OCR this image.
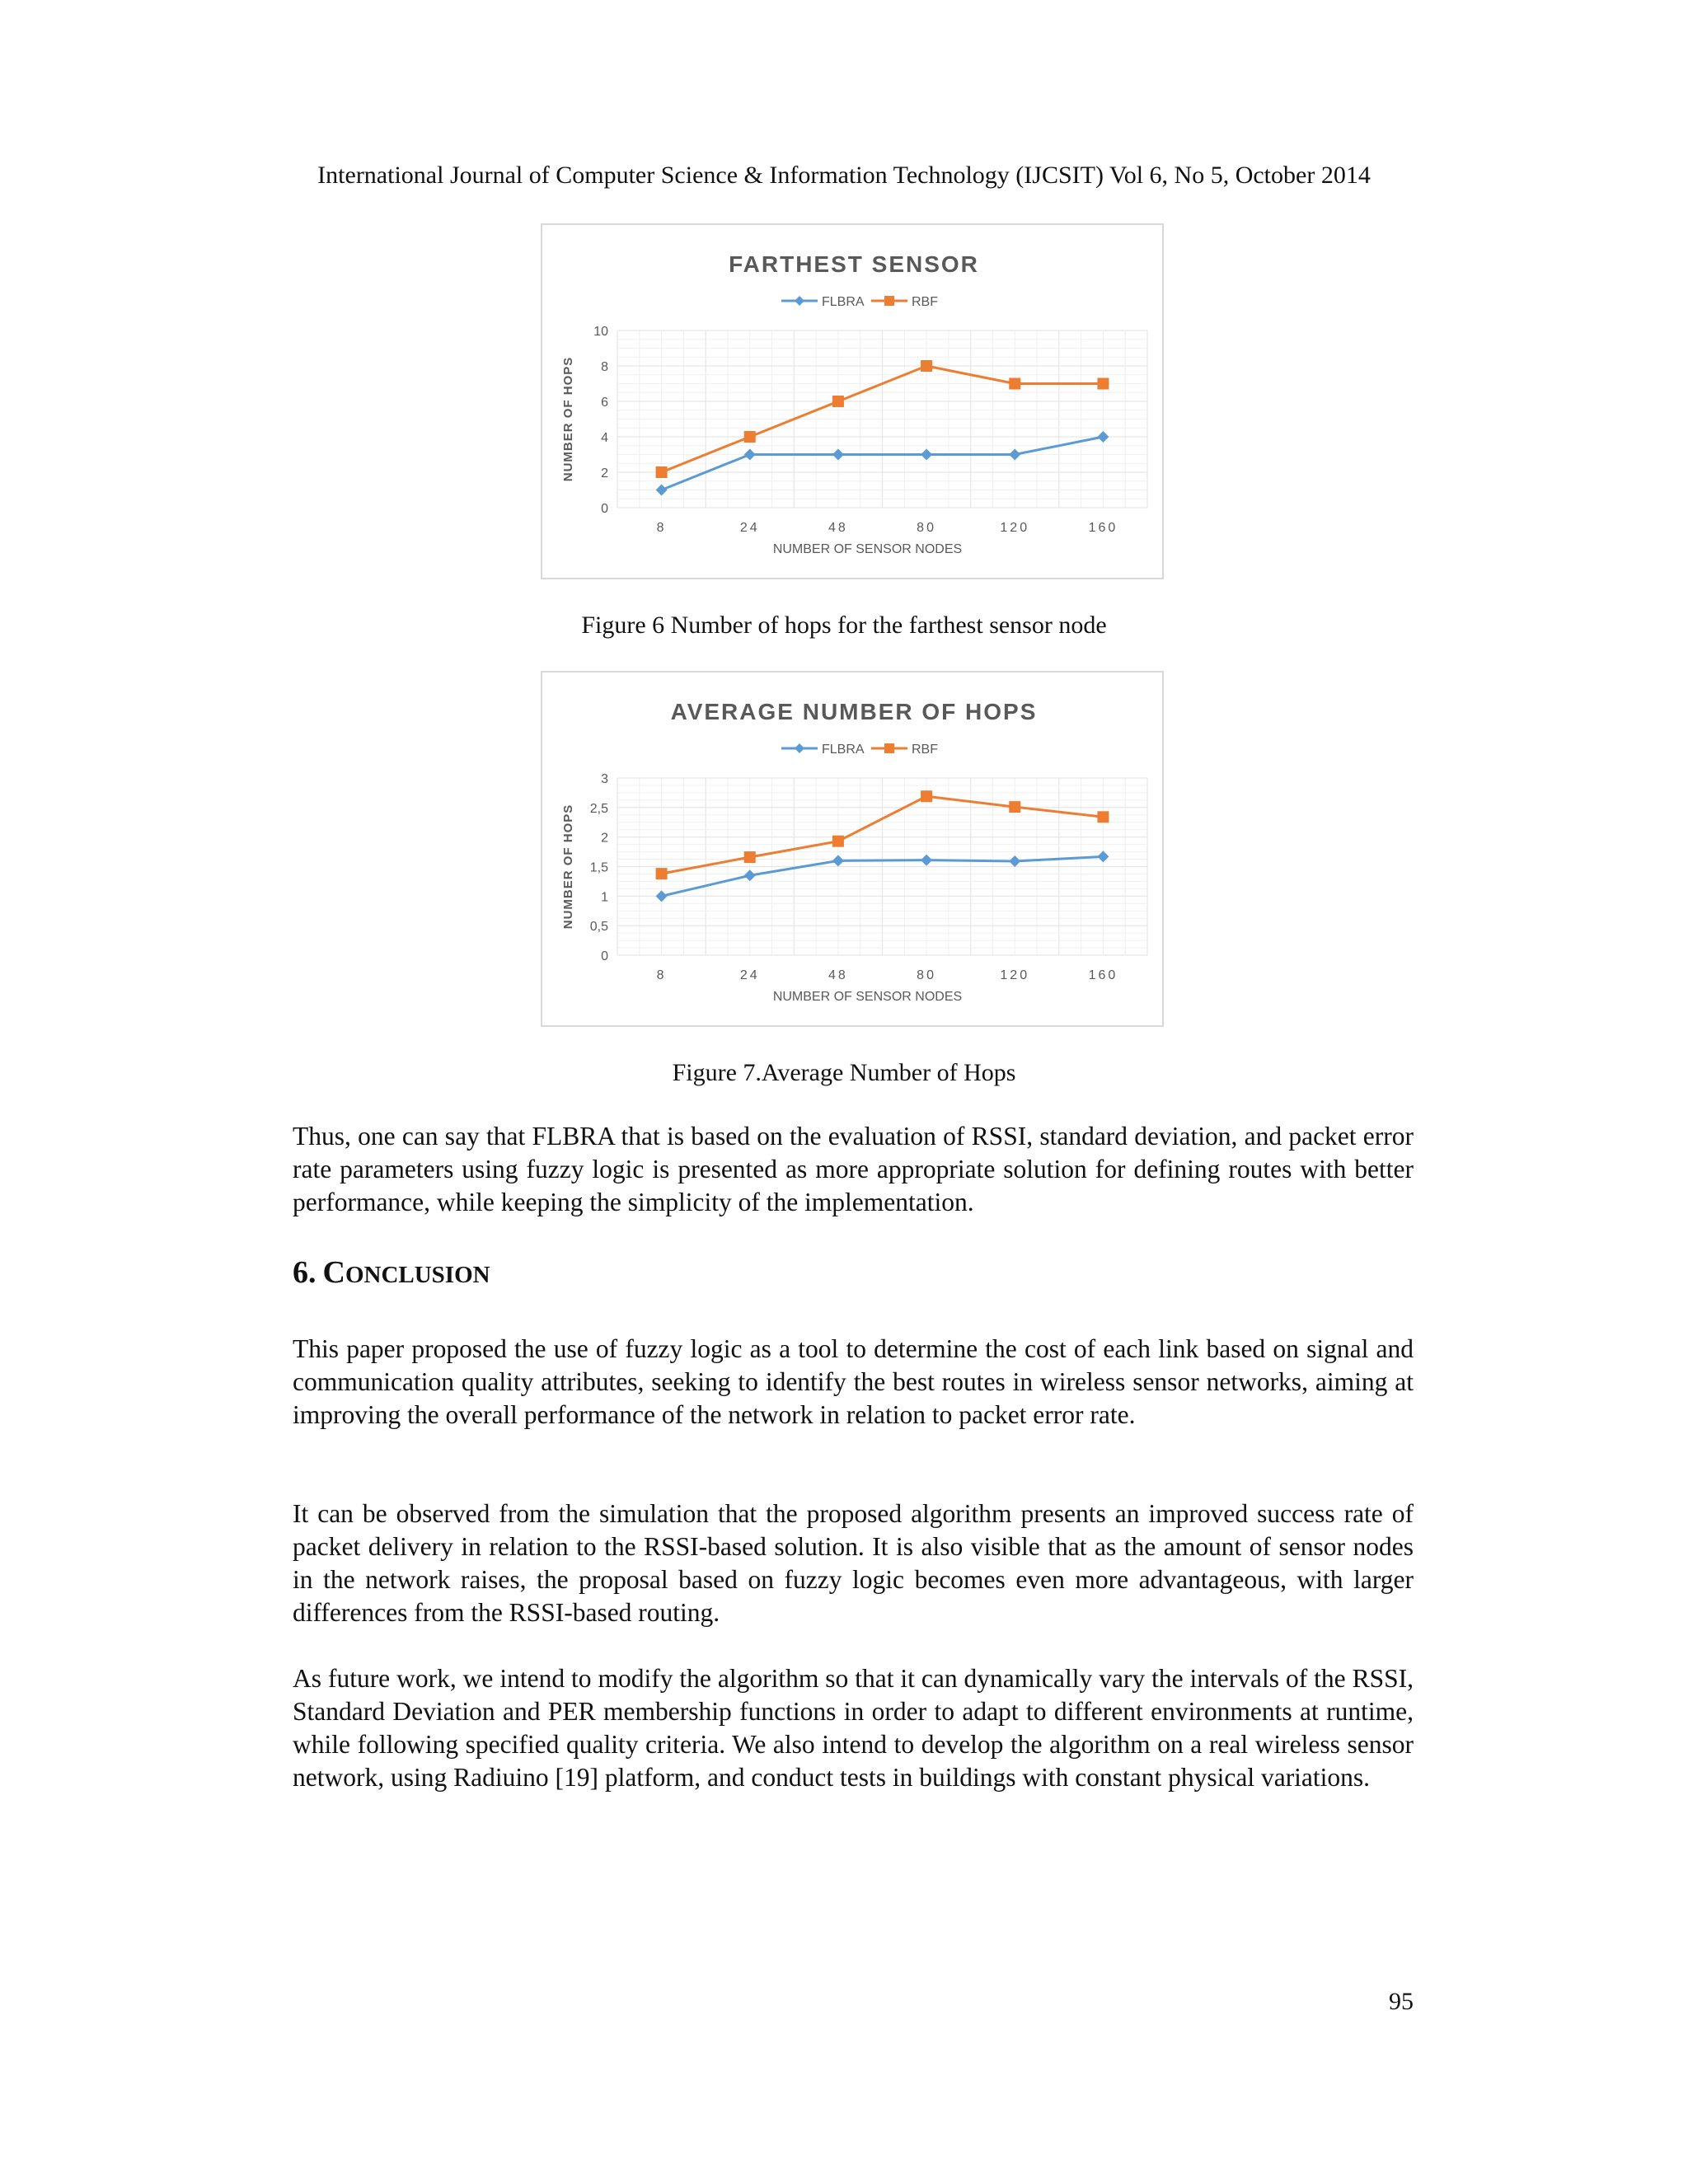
International Journal of Computer Science & Information Technology (IJCSIT) Vol 6, No 5, October 2014
FARTHEST SENSOR
FLBRA	RBF
0
2
4
6
8
10
8	24	48	80	120	160
NUMBER OF SENSOR NODES
NUMBER OF HOPS
Figure 6 Number of hops for the farthest sensor node
AVERAGE NUMBER OF HOPS
FLBRA	RBF
0
0,5
1
1,5
2
2,5
3
8	24	48	80	120	160
NUMBER OF SENSOR NODES
NUMBER OF HOPS
Figure 7.Average Number of Hops
Thus, one can say that FLBRA that is based on the evaluation of RSSI, standard deviation, and packet error rate parameters using fuzzy logic is presented as more appropriate solution for defining routes with better performance, while keeping the simplicity of the implementation.
6. CONCLUSION
This paper proposed the use of fuzzy logic as a tool to determine the cost of each link based on signal and communication quality attributes, seeking to identify the best routes in wireless sensor networks, aiming at improving the overall performance of the network in relation to packet error rate.
It can be observed from the simulation that the proposed algorithm presents an improved success rate of packet delivery in relation to the RSSI-based solution. It is also visible that as the amount of sensor nodes in the network raises, the proposal based on fuzzy logic becomes even more advantageous, with larger differences from the RSSI-based routing.
As future work, we intend to modify the algorithm so that it can dynamically vary the intervals of the RSSI, Standard Deviation and PER membership functions in order to adapt to different environments at runtime, while following specified quality criteria. We also intend to develop the algorithm on a real wireless sensor network, using Radiuino [19] platform, and conduct tests in buildings with constant physical variations.
95
